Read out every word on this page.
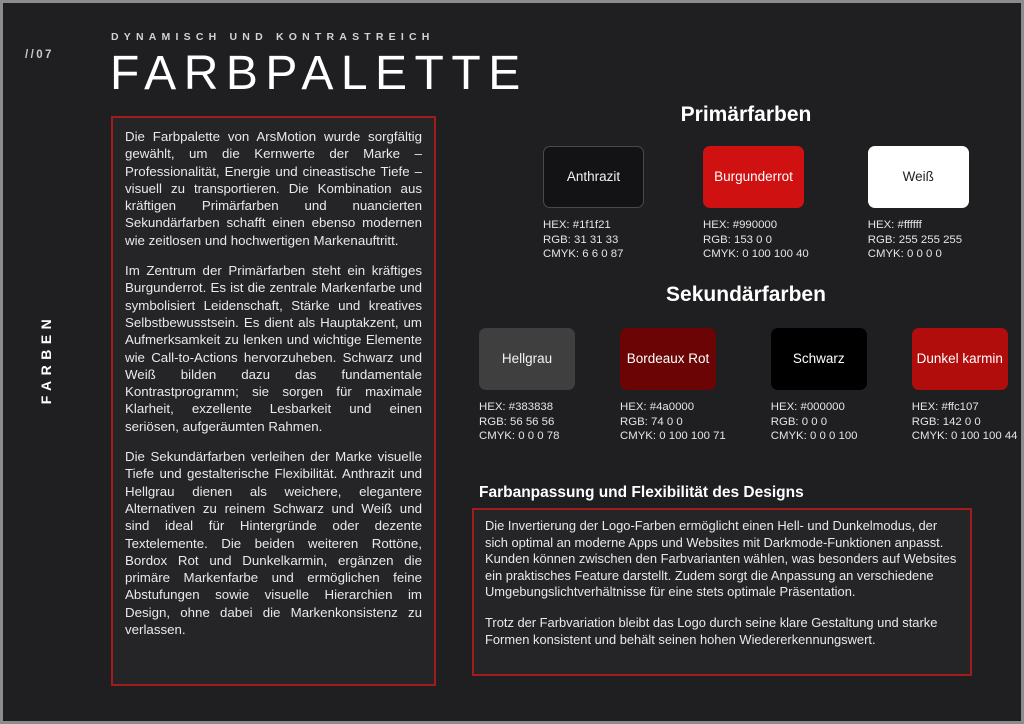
//07
FARBEN
DYNAMISCH UND KONTRASTREICH
FARBPALETTE

Die Farbpalette von ArsMotion wurde sorgfältig gewählt, um die Kernwerte der Marke – Professionalität, Energie und cineastische Tiefe – visuell zu transportieren. Die Kombination aus kräftigen Primärfarben und nuancierten Sekundärfarben schafft einen ebenso modernen wie zeitlosen und hochwertigen Markenauftritt.

Im Zentrum der Primärfarben steht ein kräftiges Burgunderrot. Es ist die zentrale Markenfarbe und symbolisiert Leidenschaft, Stärke und kreatives Selbstbewusstsein. Es dient als Hauptakzent, um Aufmerksamkeit zu lenken und wichtige Elemente wie Call-to-Actions hervorzuheben. Schwarz und Weiß bilden dazu das fundamentale Kontrastprogramm; sie sorgen für maximale Klarheit, exzellente Lesbarkeit und einen seriösen, aufgeräumten Rahmen.

Die Sekundärfarben verleihen der Marke visuelle Tiefe und gestalterische Flexibilität. Anthrazit und Hellgrau dienen als weichere, elegantere Alternativen zu reinem Schwarz und Weiß und sind ideal für Hintergründe oder dezente Textelemente. Die beiden weiteren Rottöne, Bordox Rot und Dunkelkarmin, ergänzen die primäre Markenfarbe und ermöglichen feine Abstufungen sowie visuelle Hierarchien im Design, ohne dabei die Markenkonsistenz zu verlassen.

Primärfarben
Anthrazit
HEX: #1f1f21
RGB: 31 31 33
CMYK: 6 6 0 87
Burgunderrot
HEX: #990000
RGB: 153 0 0
CMYK: 0 100 100 40
Weiß
HEX: #ffffff
RGB: 255 255 255
CMYK: 0 0 0 0
Sekundärfarben
Hellgrau
HEX: #383838
RGB: 56 56 56
CMYK: 0 0 0 78
Bordeaux Rot
HEX: #4a0000
RGB: 74 0 0
CMYK: 0 100 100 71
Schwarz
HEX: #000000
RGB: 0 0 0
CMYK: 0 0 0 100
Dunkel karmin
HEX: #ffc107
RGB: 142 0 0
CMYK: 0 100 100 44
Farbanpassung und Flexibilität des Designs

Die Invertierung der Logo-Farben ermöglicht einen Hell- und Dunkelmodus, der sich optimal an moderne Apps und Websites mit Darkmode-Funktionen anpasst. Kunden können zwischen den Farbvarianten wählen, was besonders auf Websites ein praktisches Feature darstellt. Zudem sorgt die Anpassung an verschiedene Umgebungslichtverhältnisse für eine stets optimale Präsentation.

Trotz der Farbvariation bleibt das Logo durch seine klare Gestaltung und starke Formen konsistent und behält seinen hohen Wiedererkennungswert.
